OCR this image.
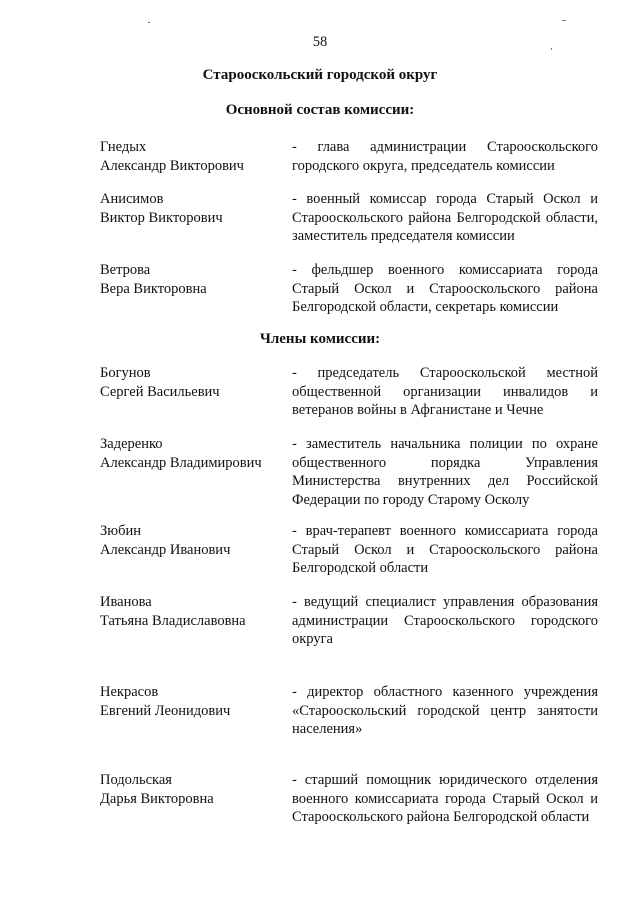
58
Старооскольский городской округ
Основной состав комиссии:
Гнедых
Александр Викторович
- глава администрации Старооскольского городского округа, председатель комиссии
Анисимов
Виктор Викторович
- военный комиссар города Старый Оскол и Старооскольского района Белгородской области, заместитель председателя комиссии
Ветрова
Вера Викторовна
- фельдшер военного комиссариата города Старый Оскол и Старооскольского района Белгородской области, секретарь комиссии
Члены комиссии:
Богунов
Сергей Васильевич
- председатель Старооскольской местной общественной организации инвалидов и ветеранов войны в Афганистане и Чечне
Задеренко
Александр Владимирович
- заместитель начальника полиции по охране общественного порядка Управления Министерства внутренних дел Российской Федерации по городу Старому Осколу
Зюбин
Александр Иванович
- врач-терапевт военного комиссариата города Старый Оскол и Старооскольского района Белгородской области
Иванова
Татьяна Владиславовна
- ведущий специалист управления образования администрации Старооскольского городского округа
Некрасов
Евгений Леонидович
- директор областного казенного учреждения «Старооскольский городской центр занятости населения»
Подольская
Дарья Викторовна
- старший помощник юридического отделения военного комиссариата города Старый Оскол и Старооскольского района Белгородской области
